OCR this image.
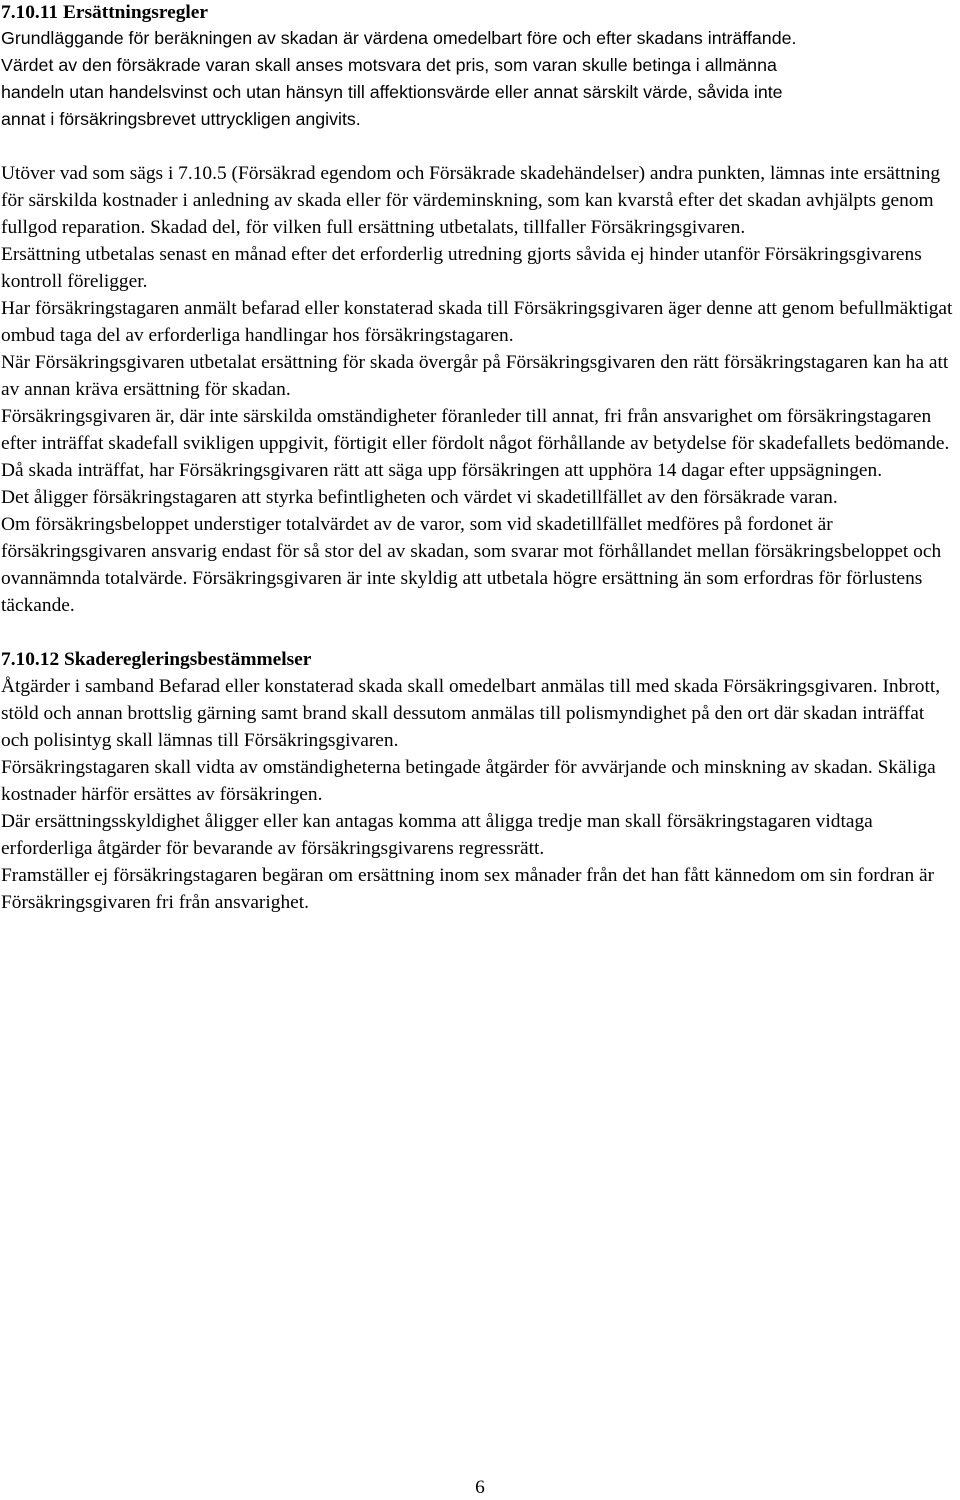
7.10.11 Ersättningsregler
Grundläggande för beräkningen av skadan är värdena omedelbart före och efter skadans inträffande.
Värdet av den försäkrade varan skall anses motsvara det pris, som varan skulle betinga i allmänna
handeln utan handelsvinst och utan hänsyn till affektionsvärde eller annat särskilt värde, såvida inte
annat i försäkringsbrevet uttryckligen angivits.

Utöver vad som sägs i 7.10.5 (Försäkrad egendom och Försäkrade skadehändelser) andra punkten, lämnas inte ersättning för särskilda kostnader i anledning av skada eller för värdeminskning, som kan kvarstå efter det skadan avhjälpts genom fullgod reparation. Skadad del, för vilken full ersättning utbetalats, tillfaller Försäkringsgivaren.

Ersättning utbetalas senast en månad efter det erforderlig utredning gjorts såvida ej hinder utanför Försäkringsgivarens kontroll föreligger.

Har försäkringstagaren anmält befarad eller konstaterad skada till Försäkringsgivaren äger denne att genom befullmäktigat ombud taga del av erforderliga handlingar hos försäkringstagaren.

När Försäkringsgivaren utbetalat ersättning för skada övergår på Försäkringsgivaren den rätt försäkringstagaren kan ha att av annan kräva ersättning för skadan.

Försäkringsgivaren är, där inte särskilda omständigheter föranleder till annat, fri från ansvarighet om försäkringstagaren efter inträffat skadefall svikligen uppgivit, förtigit eller fördolt något förhållande av betydelse för skadefallets bedömande.

Då skada inträffat, har Försäkringsgivaren rätt att säga upp försäkringen att upphöra 14 dagar efter uppsägningen.

Det åligger försäkringstagaren att styrka befintligheten och värdet vi skadetillfället av den försäkrade varan.

Om försäkringsbeloppet understiger totalvärdet av de varor, som vid skadetillfället medföres på fordonet är försäkringsgivaren ansvarig endast för så stor del av skadan, som svarar mot förhållandet mellan försäkringsbeloppet och ovannämnda totalvärde. Försäkringsgivaren är inte skyldig att utbetala högre ersättning än som erfordras för förlustens täckande.

7.10.12 Skaderegleringsbestämmelser

Åtgärder i samband Befarad eller konstaterad skada skall omedelbart anmälas till med skada Försäkringsgivaren. Inbrott, stöld och annan brottslig gärning samt brand skall dessutom anmälas till polismyndighet på den ort där skadan inträffat och polisintyg skall lämnas till Försäkringsgivaren.

Försäkringstagaren skall vidta av omständigheterna betingade åtgärder för avvärjande och minskning av skadan. Skäliga kostnader härför ersättes av försäkringen.

Där ersättningsskyldighet åligger eller kan antagas komma att åligga tredje man skall försäkringstagaren vidtaga erforderliga åtgärder för bevarande av försäkringsgivarens regressrätt.

Framställer ej försäkringstagaren begäran om ersättning inom sex månader från det han fått kännedom om sin fordran är Försäkringsgivaren fri från ansvarighet.

6
